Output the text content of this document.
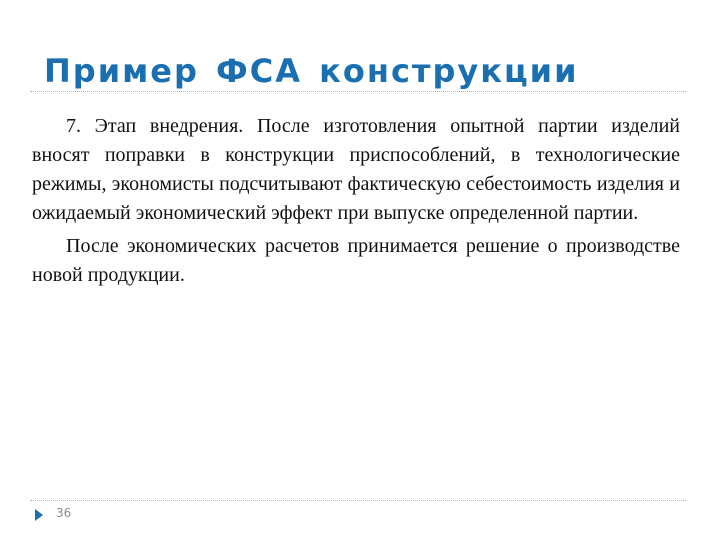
Пример ФСА конструкции

7. Этап внедрения. После изготовления опытной партии изделий вносят поправки в конструкции приспособлений, в технологические режимы, экономисты подсчитывают фактическую себестоимость изделия и ожидаемый экономический эффект при выпуске определенной партии.

После экономических расчетов принимается решение о производстве новой продукции.

36
